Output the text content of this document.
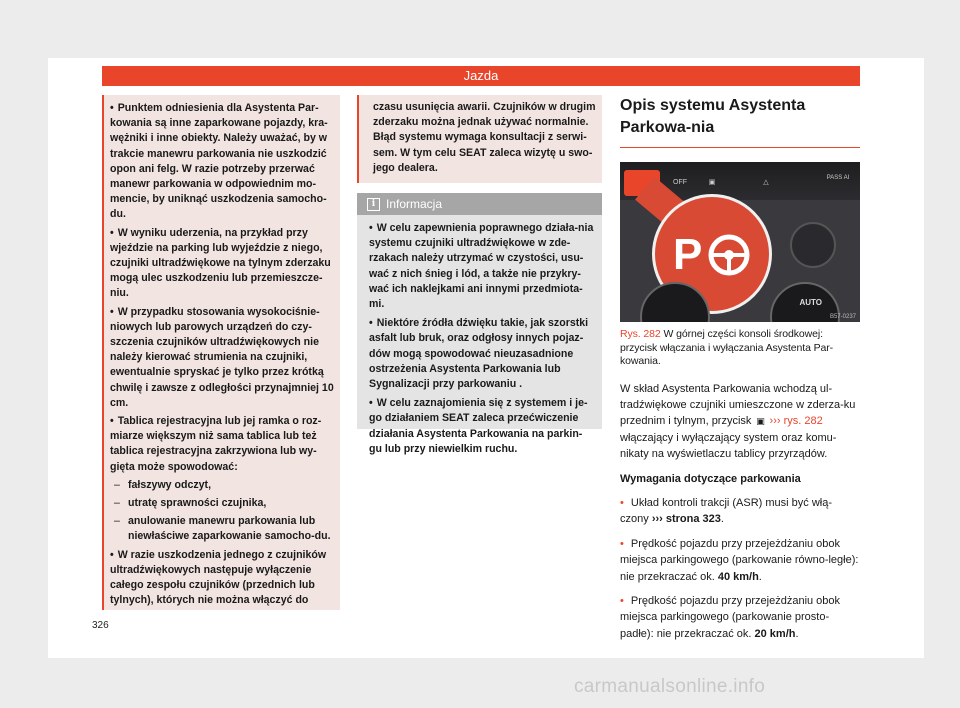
Jazda

• Punktem odniesienia dla Asystenta Par-kowania są inne zaparkowane pojazdy, kra-wężniki i inne obiekty. Należy uważać, by w trakcie manewru parkowania nie uszkodzić opon ani felg. W razie potrzeby przerwać manewr parkowania w odpowiednim mo-mencie, by uniknąć uszkodzenia samocho-du.

• W wyniku uderzenia, na przykład przy wjeździe na parking lub wyjeździe z niego, czujniki ultradźwiękowe na tylnym zderzaku mogą ulec uszkodzeniu lub przemieszcze-niu.

• W przypadku stosowania wysokociśnie-niowych lub parowych urządzeń do czy-szczenia czujników ultradźwiękowych nie należy kierować strumienia na czujniki, ewentualnie spryskać je tylko przez krótką chwilę i zawsze z odległości przynajmniej 10 cm.

• Tablica rejestracyjna lub jej ramka o roz-miarze większym niż sama tablica lub też tablica rejestracyjna zakrzywiona lub wy-gięta może spowodować:

– fałszywy odczyt,

– utratę sprawności czujnika,

– anulowanie manewru parkowania lub niewłaściwe zaparkowanie samocho-du.

• W razie uszkodzenia jednego z czujników ultradźwiękowych następuje wyłączenie całego zespołu czujników (przednich lub tylnych), których nie można włączyć do

czasu usunięcia awarii. Czujników w drugim zderzaku można jednak używać normalnie. Błąd systemu wymaga konsultacji z serwi-sem. W tym celu SEAT zaleca wizytę u swo-jego dealera.

i Informacja

• W celu zapewnienia poprawnego działa-nia systemu czujniki ultradźwiękowe w zde-rzakach należy utrzymać w czystości, usu-wać z nich śnieg i lód, a także nie przykry-wać ich naklejkami ani innymi przedmiota-mi.

• Niektóre źródła dźwięku takie, jak szorstki asfalt lub bruk, oraz odgłosy innych pojaz-dów mogą spowodować nieuzasadnione ostrzeżenia Asystenta Parkowania lub Sygnalizacji przy parkowaniu .

• W celu zaznajomienia się z systemem i je-go działaniem SEAT zaleca przećwiczenie działania Asystenta Parkowania na parkin-gu lub przy niewielkim ruchu.

Opis systemu Asystenta Parkowa-nia
OFF	▣	△
PASS AI
P
AUTO
B57-0237
Rys. 282 W górnej części konsoli środkowej: przycisk włączania i wyłączania Asystenta Par-kowania.

W skład Asystenta Parkowania wchodzą ul-tradźwiękowe czujniki umieszczone w zderza-ku przednim i tylnym, przycisk ▣ ››› rys. 282 włączający i wyłączający system oraz komu-nikaty na wyświetlaczu tablicy przyrządów.

Wymagania dotyczące parkowania

• Układ kontroli trakcji (ASR) musi być włą-czony ››› strona 323.

• Prędkość pojazdu przy przejeżdżaniu obok miejsca parkingowego (parkowanie równo-ległe): nie przekraczać ok. 40 km/h.

• Prędkość pojazdu przy przejeżdżaniu obok miejsca parkingowego (parkowanie prosto-padłe): nie przekraczać ok. 20 km/h.

326
carmanualsonline.info
